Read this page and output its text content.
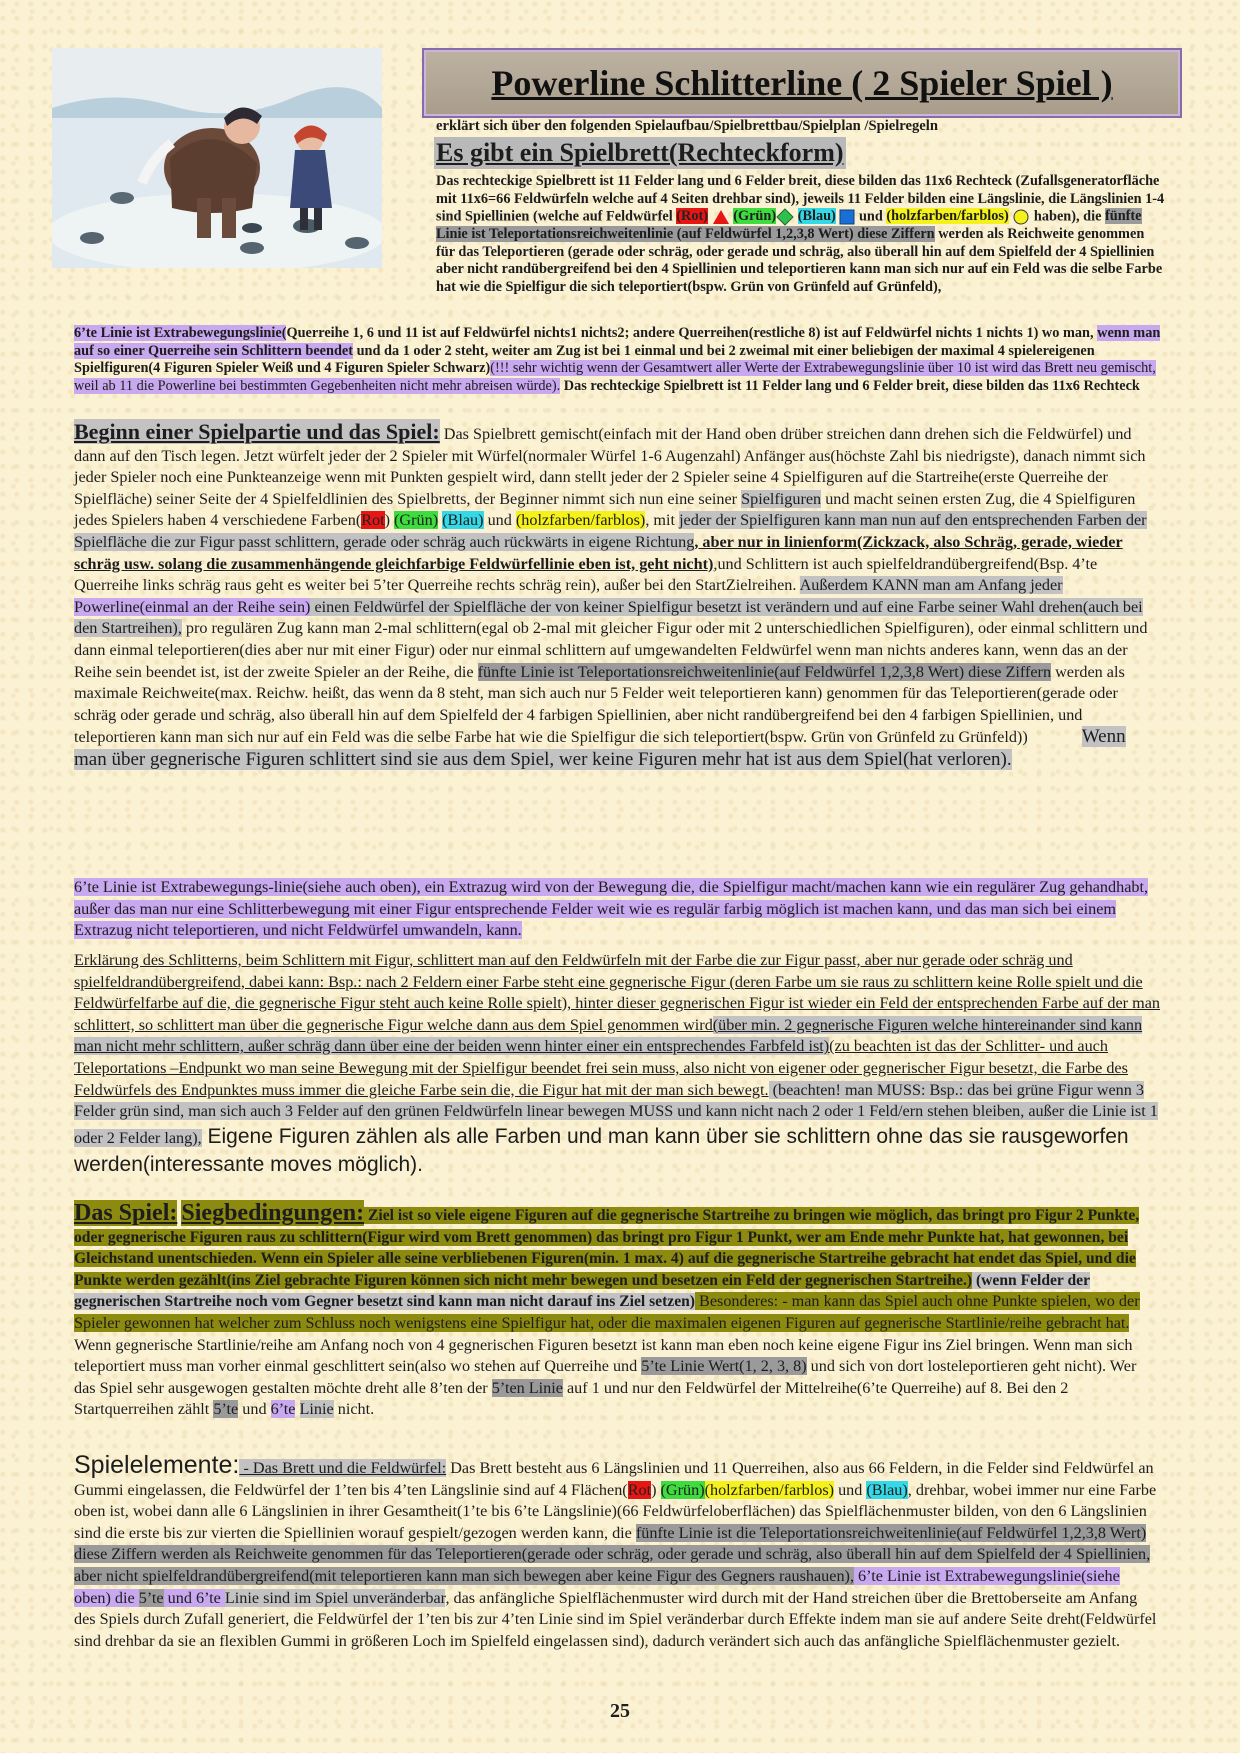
Powerline Schlitterline ( 2 Spieler Spiel )
erklärt sich über den folgenden Spielaufbau/Spielbrettbau/Spielplan /Spielregeln
Es gibt ein Spielbrett(Rechteckform)
Das rechteckige Spielbrett ist 11 Felder lang und 6 Felder breit, diese bilden das 11x6 Rechteck (Zufallsgeneratorfläche mit 11x6=66 Feldwürfeln welche auf 4 Seiten drehbar sind), jeweils 11 Felder bilden eine Längslinie, die Längslinien 1-4 sind Spiellinien (welche auf Feldwürfel (Rot) (Grün) (Blau)  und (holzfarben/farblos)  haben), die fünfte Linie ist Teleportationsreichweitenlinie (auf Feldwürfel 1,2,3,8 Wert) diese Ziffern werden als Reichweite genommen für das Teleportieren (gerade oder schräg, oder gerade und schräg, also überall hin auf dem Spielfeld der 4 Spiellinien aber nicht randübergreifend bei den 4 Spiellinien und teleportieren kann man sich nur auf ein Feld was die selbe Farbe hat wie die Spielfigur die sich teleportiert(bspw. Grün von Grünfeld auf Grünfeld),
6’te Linie ist Extrabewegungslinie(Querreihe 1, 6 und 11 ist auf Feldwürfel nichts1 nichts2; andere Querreihen(restliche 8) ist auf Feldwürfel nichts 1 nichts 1) wo man, wenn man auf so einer Querreihe sein Schlittern beendet und da 1 oder 2 steht, weiter am Zug ist bei 1 einmal und bei 2 zweimal mit einer beliebigen der maximal 4 spielereigenen Spielfiguren(4 Figuren Spieler Weiß und 4 Figuren Spieler Schwarz)(!!! sehr wichtig wenn der Gesamtwert aller Werte der Extrabewegungslinie über 10 ist wird das Brett neu gemischt, weil ab 11 die Powerline bei bestimmten Gegebenheiten nicht mehr abreisen würde). Das rechteckige Spielbrett ist 11 Felder lang und 6 Felder breit, diese bilden das 11x6 Rechteck
Beginn einer Spielpartie und das Spiel: Das Spielbrett gemischt(einfach mit der Hand oben drüber streichen dann drehen sich die Feldwürfel) und dann auf den Tisch legen. Jetzt würfelt jeder der 2 Spieler mit Würfel(normaler Würfel 1-6 Augenzahl) Anfänger aus(höchste Zahl bis niedrigste), danach nimmt sich jeder Spieler noch eine Punkteanzeige wenn mit Punkten gespielt wird, dann stellt jeder der 2 Spieler seine 4 Spielfiguren auf die Startreihe(erste Querreihe der Spielfläche) seiner Seite der 4 Spielfeldlinien des Spielbretts, der Beginner nimmt sich nun eine seiner Spielfiguren und macht seinen ersten Zug, die 4 Spielfiguren jedes Spielers haben 4 verschiedene Farben(Rot) (Grün) (Blau) und (holzfarben/farblos), mit jeder der Spielfiguren kann man nun auf den entsprechenden Farben der Spielfläche die zur Figur passt schlittern, gerade oder schräg auch rückwärts in eigene Richtung, aber nur in linienform(Zickzack, also Schräg, gerade, wieder schräg usw. solang die zusammenhängende gleichfarbige Feldwürfellinie eben ist, geht nicht),und Schlittern ist auch spielfeldrandübergreifend(Bsp. 4’te Querreihe links schräg raus geht es weiter bei 5’ter Querreihe rechts schräg rein), außer bei den StartZielreihen. Außerdem KANN man am Anfang jeder Powerline(einmal an der Reihe sein) einen Feldwürfel der Spielfläche der von keiner Spielfigur besetzt ist verändern und auf eine Farbe seiner Wahl drehen(auch bei den Startreihen), pro regulären Zug kann man 2-mal schlittern(egal ob 2-mal mit gleicher Figur oder mit 2 unterschiedlichen Spielfiguren), oder einmal schlittern und dann einmal teleportieren(dies aber nur mit einer Figur) oder nur einmal schlittern auf umgewandelten Feldwürfel wenn man nichts anderes kann, wenn das an der Reihe sein beendet ist, ist der zweite Spieler an der Reihe, die fünfte Linie ist Teleportationsreichweitenlinie(auf Feldwürfel 1,2,3,8 Wert) diese Ziffern werden als maximale Reichweite(max. Reichw. heißt, das wenn da 8 steht, man sich auch nur 5 Felder weit teleportieren kann) genommen für das Teleportieren(gerade oder schräg oder gerade und schräg, also überall hin auf dem Spielfeld der 4 farbigen Spiellinien, aber nicht randübergreifend bei den 4 farbigen Spiellinien, und teleportieren kann man sich nur auf ein Feld was die selbe Farbe hat wie die Spielfigur die sich teleportiert(bspw. Grün von Grünfeld zu Grünfeld))	Wenn man über gegnerische Figuren schlittert sind sie aus dem Spiel, wer keine Figuren mehr hat ist aus dem Spiel(hat verloren).
6’te Linie ist Extrabewegungs-linie(siehe auch oben), ein Extrazug wird von der Bewegung die, die Spielfigur macht/machen kann wie ein regulärer Zug gehandhabt, außer das man nur eine Schlitterbewegung mit einer Figur entsprechende Felder weit wie es regulär farbig möglich ist machen kann, und das man sich bei einem Extrazug nicht teleportieren, und nicht Feldwürfel umwandeln, kann.
Erklärung des Schlitterns, beim Schlittern mit Figur, schlittert man auf den Feldwürfeln mit der Farbe die zur Figur passt, aber nur gerade oder schräg und spielfeldrandübergreifend, dabei kann: Bsp.: nach 2 Feldern einer Farbe steht eine gegnerische Figur (deren Farbe um sie raus zu schlittern keine Rolle spielt und die Feldwürfelfarbe auf die, die gegnerische Figur steht auch keine Rolle spielt), hinter dieser gegnerischen Figur ist wieder ein Feld der entsprechenden Farbe auf der man schlittert, so schlittert man über die gegnerische Figur welche dann aus dem Spiel genommen wird(über min. 2 gegnerische Figuren welche hintereinander sind kann man nicht mehr schlittern, außer schräg dann über eine der beiden wenn hinter einer ein entsprechendes Farbfeld ist)(zu beachten ist das der Schlitter- und auch Teleportations –Endpunkt wo man seine Bewegung mit der Spielfigur beendet frei sein muss, also nicht von eigener oder gegnerischer Figur besetzt, die Farbe des Feldwürfels des Endpunktes muss immer die gleiche Farbe sein die, die Figur hat mit der man sich bewegt. (beachten! man MUSS: Bsp.: das bei grüne Figur wenn 3 Felder grün sind, man sich auch 3 Felder auf den grünen Feldwürfeln linear bewegen MUSS und kann nicht nach 2 oder 1 Feld/ern stehen bleiben, außer die Linie ist 1 oder 2 Felder lang), Eigene Figuren zählen als alle Farben und man kann über sie schlittern ohne das sie rausgeworfen werden(interessante moves möglich).
Das Spiel: Siegbedingungen: Ziel ist so viele eigene Figuren auf die gegnerische Startreihe zu bringen wie möglich, das bringt pro Figur 2 Punkte, oder gegnerische Figuren raus zu schlittern(Figur wird vom Brett genommen) das bringt pro Figur 1 Punkt, wer am Ende mehr Punkte hat, hat gewonnen, bei Gleichstand unentschieden. Wenn ein Spieler alle seine verbliebenen Figuren(min. 1 max. 4) auf die gegnerische Startreihe gebracht hat endet das Spiel, und die Punkte werden gezählt(ins Ziel gebrachte Figuren können sich nicht mehr bewegen und besetzen ein Feld der gegnerischen Startreihe.) (wenn Felder der gegnerischen Startreihe noch vom Gegner besetzt sind kann man nicht darauf ins Ziel setzen) Besonderes: - man kann das Spiel auch ohne Punkte spielen, wo der Spieler gewonnen hat welcher zum Schluss noch wenigstens eine Spielfigur hat, oder die maximalen eigenen Figuren auf gegnerische Startlinie/reihe gebracht hat. Wenn gegnerische Startlinie/reihe am Anfang noch von 4 gegnerischen Figuren besetzt ist kann man eben noch keine eigene Figur ins Ziel bringen. Wenn man sich teleportiert muss man vorher einmal geschlittert sein(also wo stehen auf Querreihe und 5’te Linie Wert(1, 2, 3, 8) und sich von dort losteleportieren geht nicht). Wer das Spiel sehr ausgewogen gestalten möchte dreht alle 8’ten der 5’ten Linie auf 1 und nur den Feldwürfel der Mittelreihe(6’te Querreihe) auf 8. Bei den 2 Startquerreihen zählt 5’te und 6’te Linie nicht.
Spielelemente: - Das Brett und die Feldwürfel: Das Brett besteht aus 6 Längslinien und 11 Querreihen, also aus 66 Feldern, in die Felder sind Feldwürfel an Gummi eingelassen, die Feldwürfel der 1’ten bis 4’ten Längslinie sind auf 4 Flächen(Rot) (Grün)(holzfarben/farblos) und (Blau), drehbar, wobei immer nur eine Farbe oben ist, wobei dann alle 6 Längslinien in ihrer Gesamtheit(1’te bis 6’te Längslinie)(66 Feldwürfeloberflächen) das Spielflächenmuster bilden, von den 6 Längslinien sind die erste bis zur vierten die Spiellinien worauf gespielt/gezogen werden kann, die fünfte Linie ist die Teleportationsreichweitenlinie(auf Feldwürfel 1,2,3,8 Wert) diese Ziffern werden als Reichweite genommen für das Teleportieren(gerade oder schräg, oder gerade und schräg, also überall hin auf dem Spielfeld der 4 Spiellinien, aber nicht spielfeldrandübergreifend(mit teleportieren kann man sich bewegen aber keine Figur des Gegners raushauen), 6’te Linie ist Extrabewegungslinie(siehe oben) die 5’te und 6’te Linie sind im Spiel unveränderbar, das anfängliche Spielflächenmuster wird durch mit der Hand streichen über die Brettoberseite am Anfang des Spiels durch Zufall generiert, die Feldwürfel der 1’ten bis zur 4’ten Linie sind im Spiel veränderbar durch Effekte indem man sie auf andere Seite dreht(Feldwürfel sind drehbar da sie an flexiblen Gummi in größeren Loch im Spielfeld eingelassen sind), dadurch verändert sich auch das anfängliche Spielflächenmuster gezielt.
25
